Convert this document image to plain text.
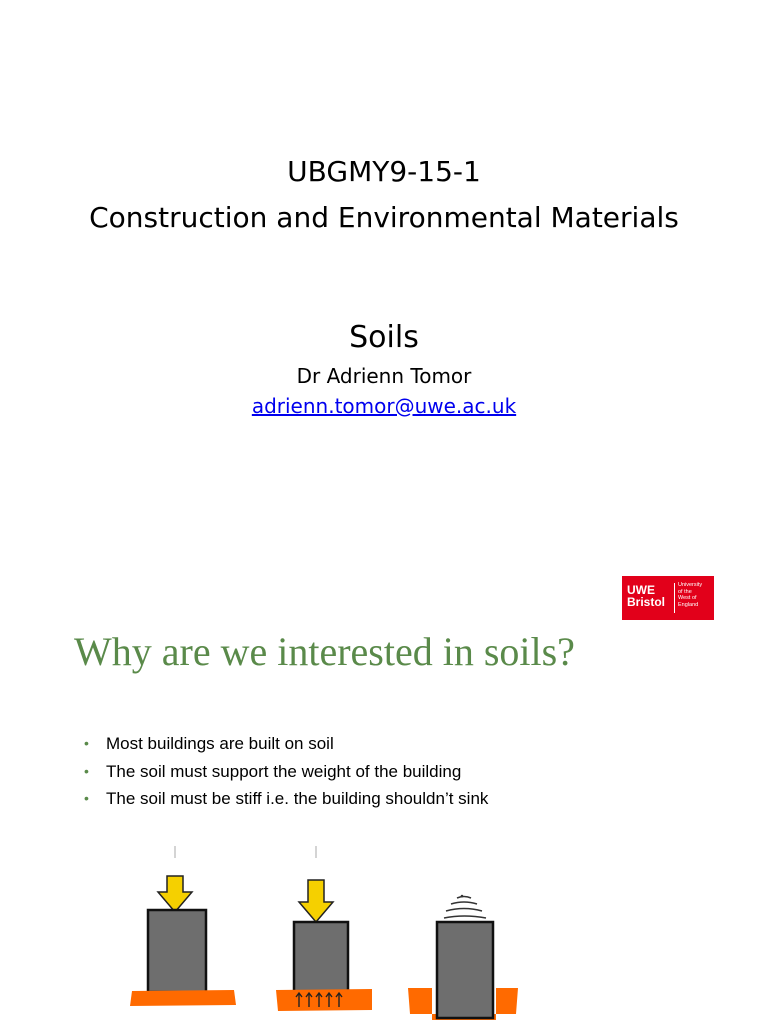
UBGMY9-15-1
Construction and Environmental Materials
Soils
Dr Adrienn Tomor
adrienn.tomor@uwe.ac.uk
UWE
Bristol
University
of the
West of
England
Why are we interested in soils?
• Most buildings are built on soil
• The soil must support the weight of the building
• The soil must be stiff i.e. the building shouldn’t sink
